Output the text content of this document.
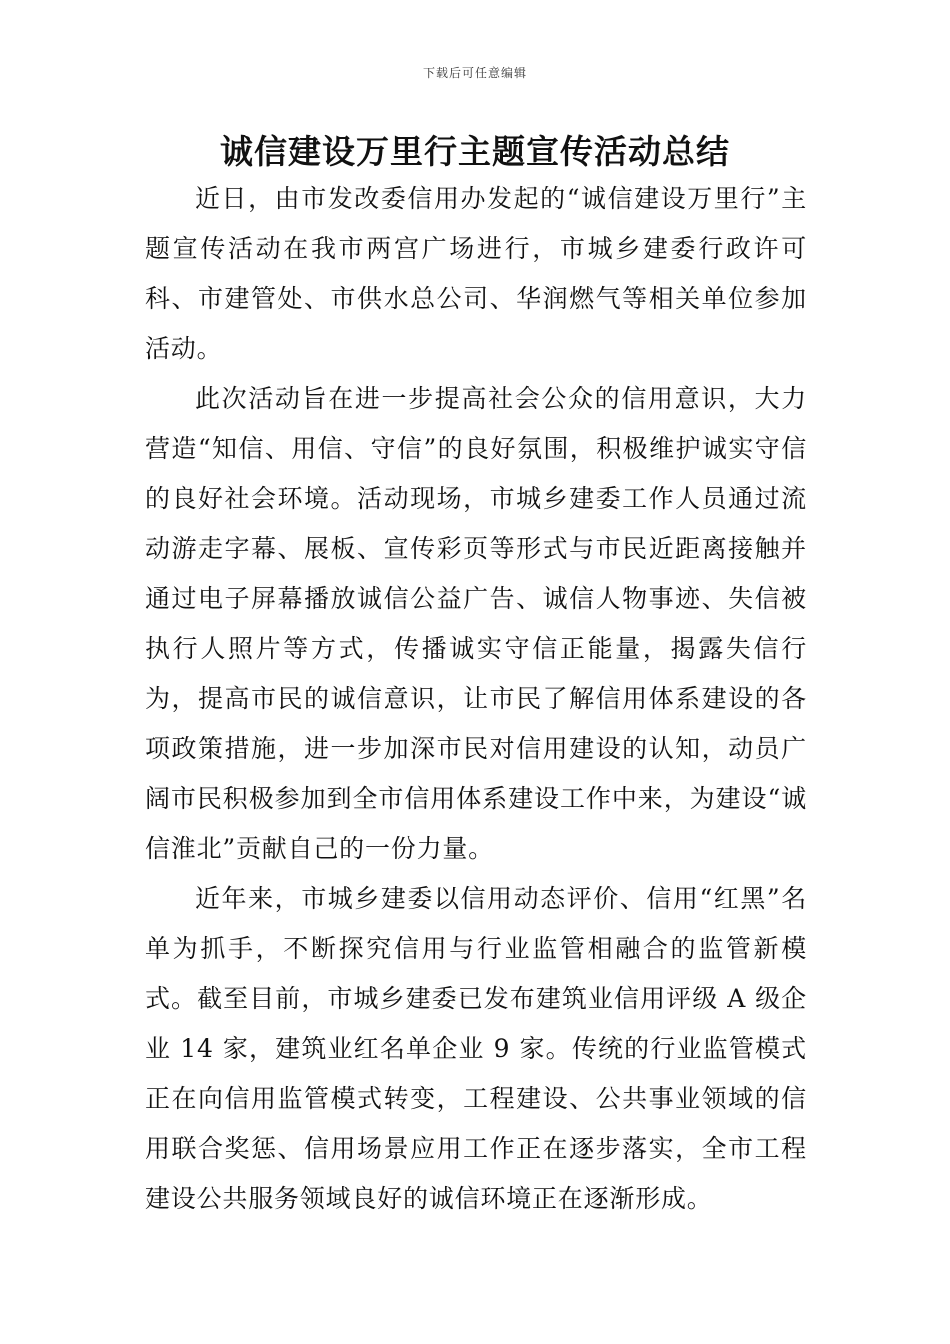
下载后可任意编辑
诚信建设万里行主题宣传活动总结

近日，由市发改委信用办发起的“诚信建设万里行”主题宣传活动在我市两宫广场进行，市城乡建委行政许可科、市建管处、市供水总公司、华润燃气等相关单位参加活动。

此次活动旨在进一步提高社会公众的信用意识，大力营造“知信、用信、守信”的良好氛围，积极维护诚实守信的良好社会环境。活动现场，市城乡建委工作人员通过流动游走字幕、展板、宣传彩页等形式与市民近距离接触并通过电子屏幕播放诚信公益广告、诚信人物事迹、失信被执行人照片等方式，传播诚实守信正能量，揭露失信行为，提高市民的诚信意识，让市民了解信用体系建设的各项政策措施，进一步加深市民对信用建设的认知，动员广阔市民积极参加到全市信用体系建设工作中来，为建设“诚信淮北”贡献自己的一份力量。

近年来，市城乡建委以信用动态评价、信用“红黑”名单为抓手，不断探究信用与行业监管相融合的监管新模式。截至目前，市城乡建委已发布建筑业信用评级 A 级企业 14 家，建筑业红名单企业 9 家。传统的行业监管模式正在向信用监管模式转变，工程建设、公共事业领域的信用联合奖惩、信用场景应用工作正在逐步落实，全市工程建设公共服务领域良好的诚信环境正在逐渐形成。
